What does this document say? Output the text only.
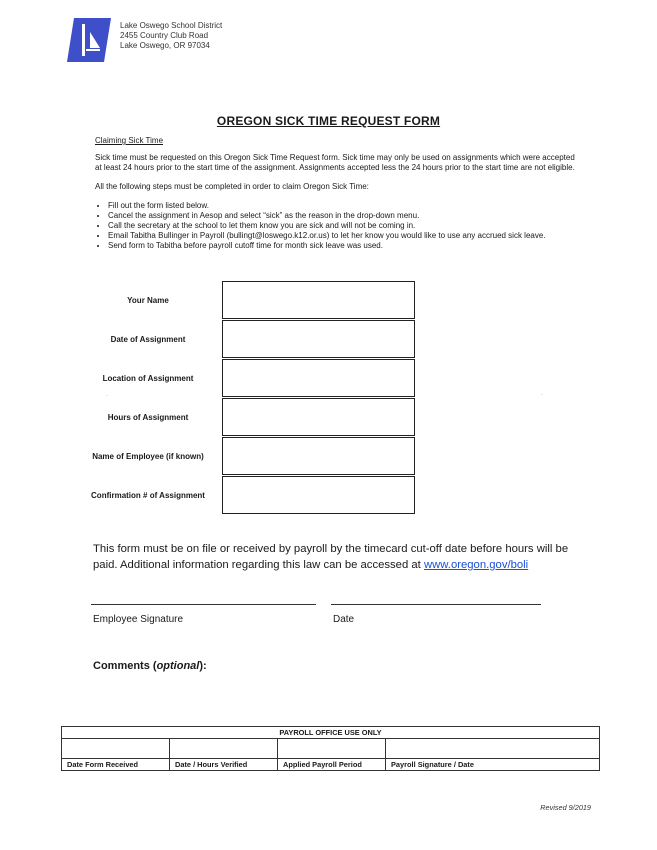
Lake Oswego School District
2455 Country Club Road
Lake Oswego, OR 97034
OREGON SICK TIME REQUEST FORM
Claiming Sick Time

Sick time must be requested on this Oregon Sick Time Request form. Sick time may only be used on assignments which were accepted at least 24 hours prior to the start time of the assignment. Assignments accepted less the 24 hours prior to the start time are not eligible.

All the following steps must be completed in order to claim Oregon Sick Time:

• Fill out the form listed below.
• Cancel the assignment in Aesop and select “sick” as the reason in the drop-down menu.
• Call the secretary at the school to let them know you are sick and will not be coming in.
• Email Tabitha Bullinger in Payroll (bullingt@loswego.k12.or.us) to let her know you would like to use any accrued sick leave.
• Send form to Tabitha before payroll cutoff time for month sick leave was used.
Your Name
Date of Assignment
Location of Assignment
Hours of Assignment
Name of Employee (if known)
Confirmation # of Assignment
·	·
This form must be on file or received by payroll by the timecard cut-off date before hours will be paid. Additional information regarding this law can be accessed at www.oregon.gov/boli
Employee Signature	Date
Comments (optional):
PAYROLL OFFICE USE ONLY			

Date Form Received	Date / Hours Verified	Applied Payroll Period	Payroll Signature / Date
Revised 9/2019
